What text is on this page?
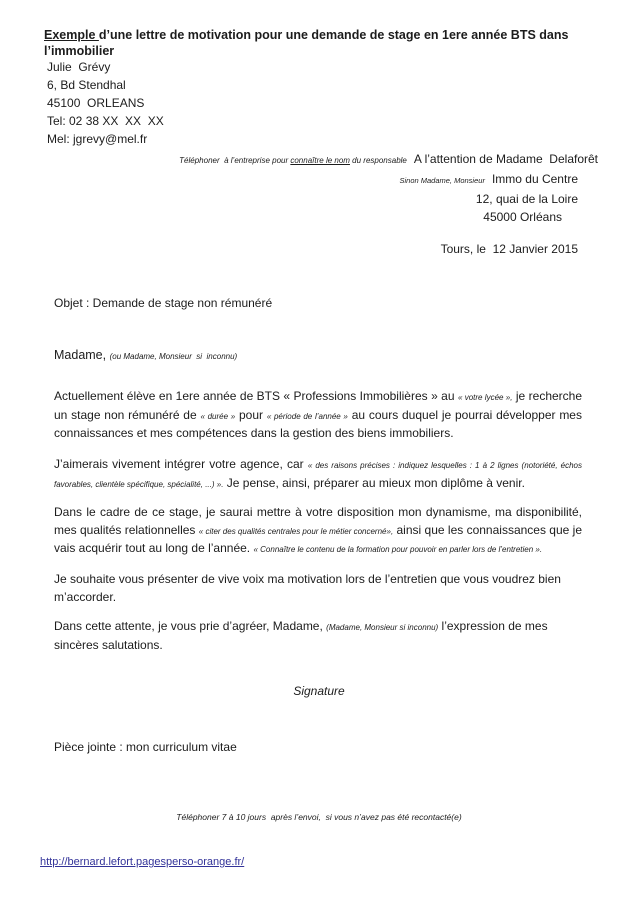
Exemple d’une lettre de motivation pour une demande de stage en 1ere année BTS dans l’immobilier
Julie  Grévy
6, Bd Stendhal
45100  ORLEANS
Tel: 02 38 XX  XX  XX
Mel: jgrevy@mel.fr
Téléphoner  à l’entreprise pour connaître le nom du responsable A l’attention de Madame  Delaforêt
Sinon Madame, Monsieur Immo du Centre
12, quai de la Loire
45000 Orléans
Tours, le  12 Janvier 2015
Objet : Demande de stage non rémunéré
Madame, (ou Madame, Monsieur  si  inconnu)
Actuellement élève en 1ere année de BTS « Professions Immobilières » au « votre lycée », je recherche un stage non rémunéré de « durée » pour « période de l’année » au cours duquel je pourrai développer mes connaissances et mes compétences dans la gestion des biens immobiliers.
J’aimerais vivement intégrer votre agence, car « des raisons précises : indiquez lesquelles : 1 à 2 lignes (notoriété, échos favorables, clientèle spécifique, spécialité, ...) ». Je pense, ainsi, préparer au mieux mon diplôme à venir.
Dans le cadre de ce stage, je saurai mettre à votre disposition mon dynamisme, ma disponibilité, mes qualités relationnelles « citer des qualités centrales pour le métier concerné», ainsi que les connaissances que je vais acquérir tout au long de l’année. « Connaître le contenu de la formation pour pouvoir en parler lors de l’entretien ».
Je souhaite vous présenter de vive voix ma motivation lors de l’entretien que vous voudrez bien m’accorder.
Dans cette attente, je vous prie d’agréer, Madame, (Madame, Monsieur si inconnu) l’expression de mes sincères salutations.
Signature
Pièce jointe : mon curriculum vitae
Téléphoner 7 à 10 jours  après l’envoi,  si vous n’avez pas été recontacté(e)
http://bernard.lefort.pagesperso-orange.fr/
